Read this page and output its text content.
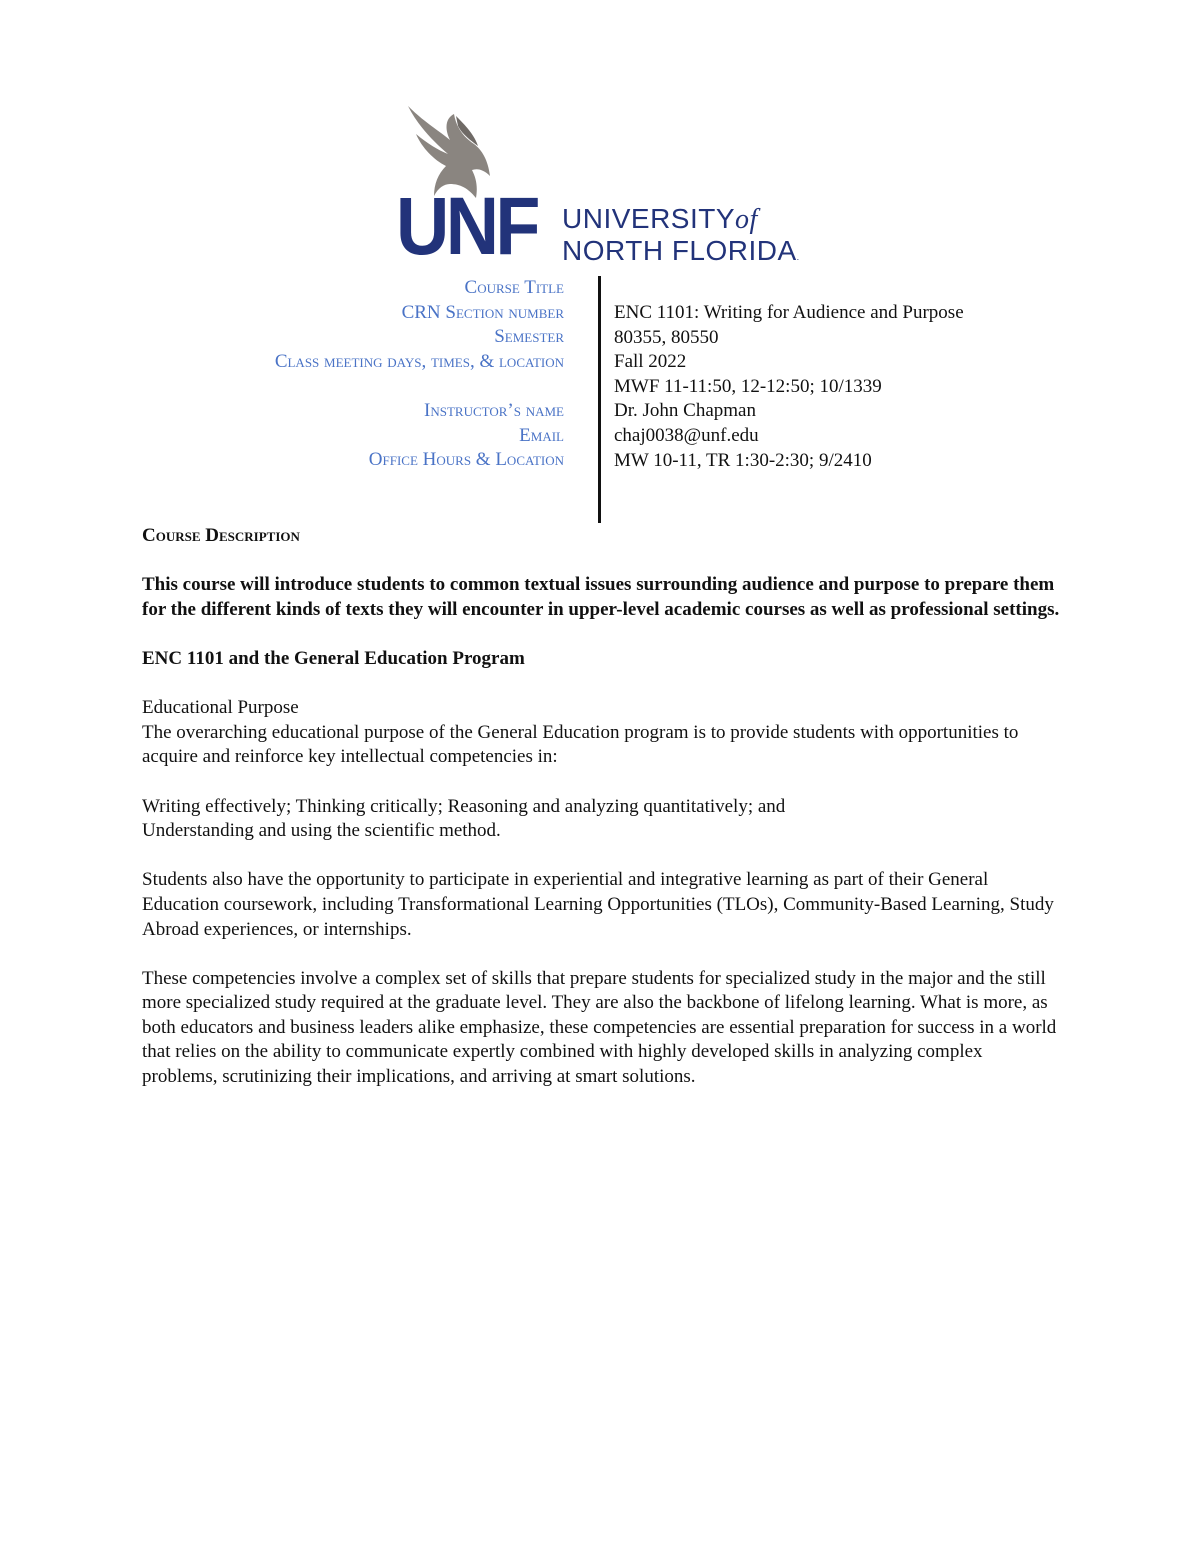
UNF UNIVERSITYof
NORTH FLORIDA.
Course Title
CRN Section number
Semester
Class meeting days, times, & location
Instructor’s name
Email
Office Hours & Location
ENC 1101: Writing for Audience and Purpose
80355, 80550
Fall 2022
MWF 11-11:50, 12-12:50; 10/1339
Dr. John Chapman
chaj0038@unf.edu
MW 10-11, TR 1:30-2:30; 9/2410

Course Description

This course will introduce students to common textual issues surrounding audience and purpose to prepare them for the different kinds of texts they will encounter in upper-level academic courses as well as professional settings.

ENC 1101 and the General Education Program

Educational Purpose
The overarching educational purpose of the General Education program is to provide students with opportunities to acquire and reinforce key intellectual competencies in:

Writing effectively; Thinking critically; Reasoning and analyzing quantitatively; and
Understanding and using the scientific method.

Students also have the opportunity to participate in experiential and integrative learning as part of their General Education coursework, including Transformational Learning Opportunities (TLOs), Community-Based Learning, Study Abroad experiences, or internships.

These competencies involve a complex set of skills that prepare students for specialized study in the major and the still more specialized study required at the graduate level. They are also the backbone of lifelong learning. What is more, as both educators and business leaders alike emphasize, these competencies are essential preparation for success in a world that relies on the ability to communicate expertly combined with highly developed skills in analyzing complex problems, scrutinizing their implications, and arriving at smart solutions.
